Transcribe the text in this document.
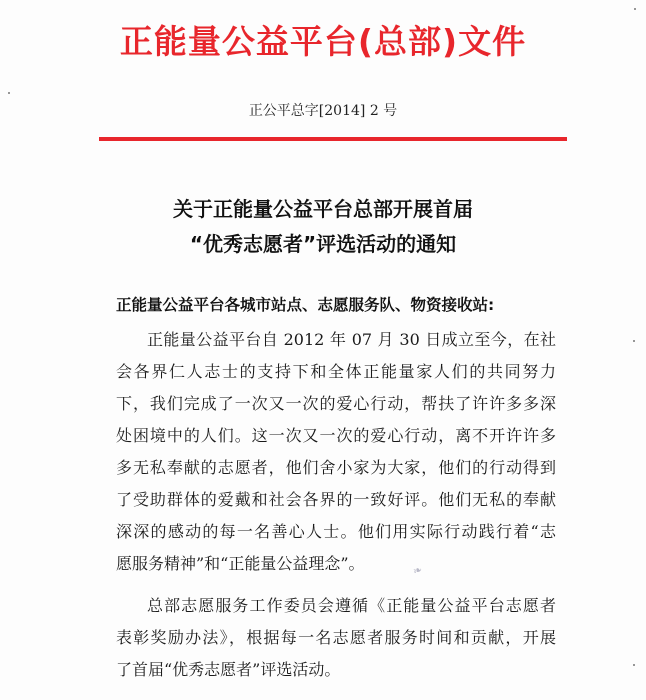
正能量公益平台(总部)文件
正公平总字[2014] 2 号
关于正能量公益平台总部开展首届
“优秀志愿者”评选活动的通知
正能量公益平台各城市站点、志愿服务队、物资接收站:
正能量公益平台自 2012 年 07 月 30 日成立至今，在社
会各界仁人志士的支持下和全体正能量家人们的共同努力
下，我们完成了一次又一次的爱心行动，帮扶了许许多多深
处困境中的人们。这一次又一次的爱心行动，离不开许许多
多无私奉献的志愿者，他们舍小家为大家，他们的行动得到
了受助群体的爱戴和社会各界的一致好评。他们无私的奉献
深深的感动的每一名善心人士。他们用实际行动践行着“志
愿服务精神”和“正能量公益理念”。	❧
总部志愿服务工作委员会遵循《正能量公益平台志愿者
表彰奖励办法》，根据每一名志愿者服务时间和贡献，开展
了首届“优秀志愿者”评选活动。
